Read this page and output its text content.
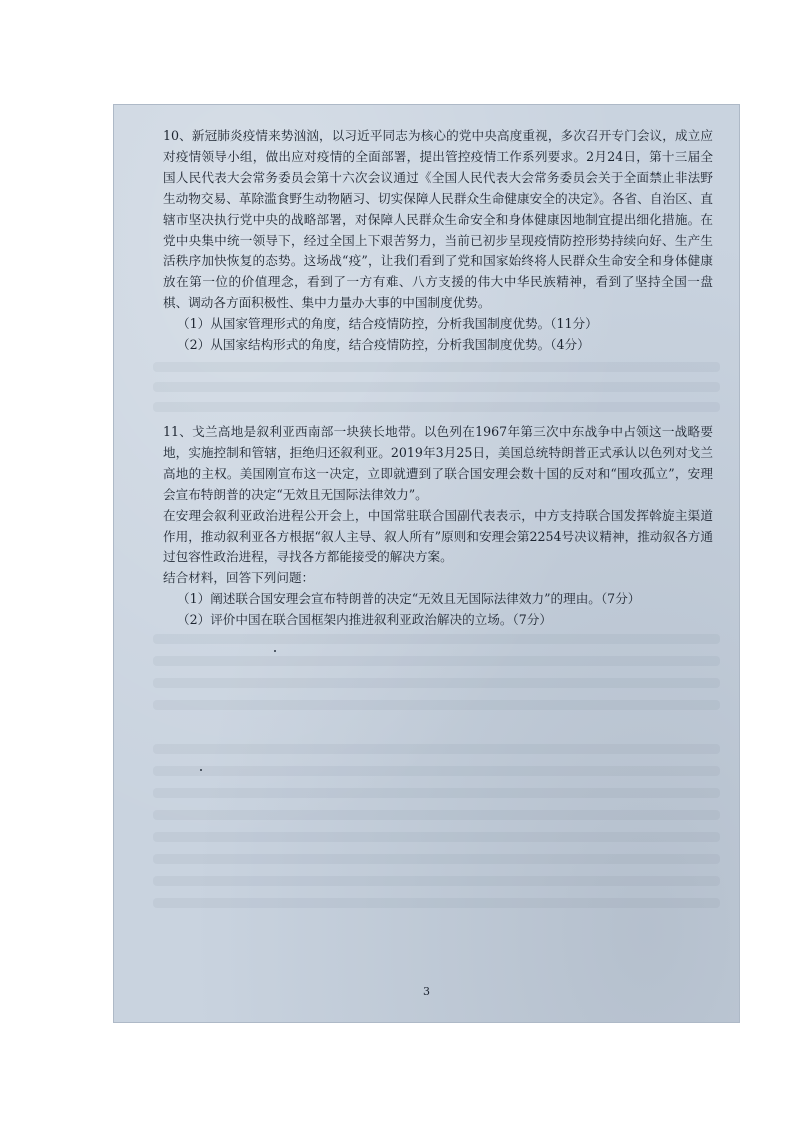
10、新冠肺炎疫情来势汹汹，以习近平同志为核心的党中央高度重视，多次召开专门会议，成立应对疫情领导小组，做出应对疫情的全面部署，提出管控疫情工作系列要求。2月24日，第十三届全国人民代表大会常务委员会第十六次会议通过《全国人民代表大会常务委员会关于全面禁止非法野生动物交易、革除滥食野生动物陋习、切实保障人民群众生命健康安全的决定》。各省、自治区、直辖市坚决执行党中央的战略部署，对保障人民群众生命安全和身体健康因地制宜提出细化措施。在党中央集中统一领导下，经过全国上下艰苦努力，当前已初步呈现疫情防控形势持续向好、生产生活秩序加快恢复的态势。这场战“疫”，让我们看到了党和国家始终将人民群众生命安全和身体健康放在第一位的价值理念，看到了一方有难、八方支援的伟大中华民族精神，看到了坚持全国一盘棋、调动各方面积极性、集中力量办大事的中国制度优势。

（1）从国家管理形式的角度，结合疫情防控，分析我国制度优势。（11分）

（2）从国家结构形式的角度，结合疫情防控，分析我国制度优势。（4分）

11、戈兰高地是叙利亚西南部一块狭长地带。以色列在1967年第三次中东战争中占领这一战略要地，实施控制和管辖，拒绝归还叙利亚。2019年3月25日，美国总统特朗普正式承认以色列对戈兰高地的主权。美国刚宣布这一决定，立即就遭到了联合国安理会数十国的反对和“围攻孤立”，安理会宣布特朗普的决定“无效且无国际法律效力”。

在安理会叙利亚政治进程公开会上，中国常驻联合国副代表表示，中方支持联合国发挥斡旋主渠道作用，推动叙利亚各方根据“叙人主导、叙人所有”原则和安理会第2254号决议精神，推动叙各方通过包容性政治进程，寻找各方都能接受的解决方案。

结合材料，回答下列问题：

（1）阐述联合国安理会宣布特朗普的决定“无效且无国际法律效力”的理由。（7分）

（2）评价中国在联合国框架内推进叙利亚政治解决的立场。（7分）

3
